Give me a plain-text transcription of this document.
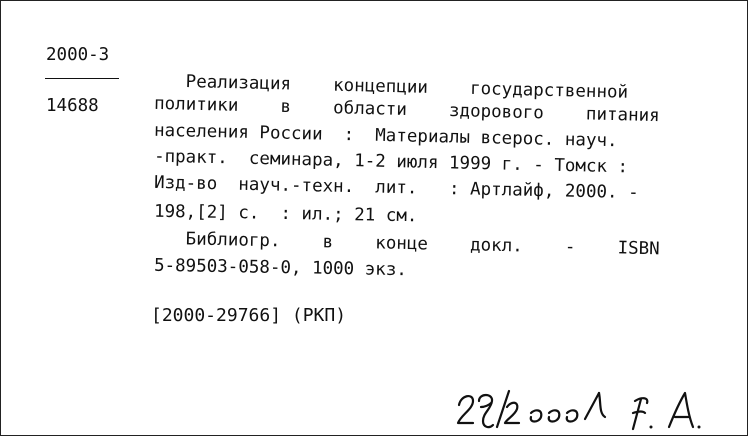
2000-3
14688
Реализация    концепции    государственной
политики    в    области    здорового    питания
населения России  :  Материалы всерос. науч.
-практ.  семинара, 1-2 июля 1999 г. - Томск :
Изд-во  науч.-техн.  лит.   : Артлайф, 2000. -
198,[2] с.  : ил.; 21 см.
Библиогр.    в    конце    докл.    -    ISBN
5-89503-058-0, 1000 экз.
[2000-29766] (РКП)
